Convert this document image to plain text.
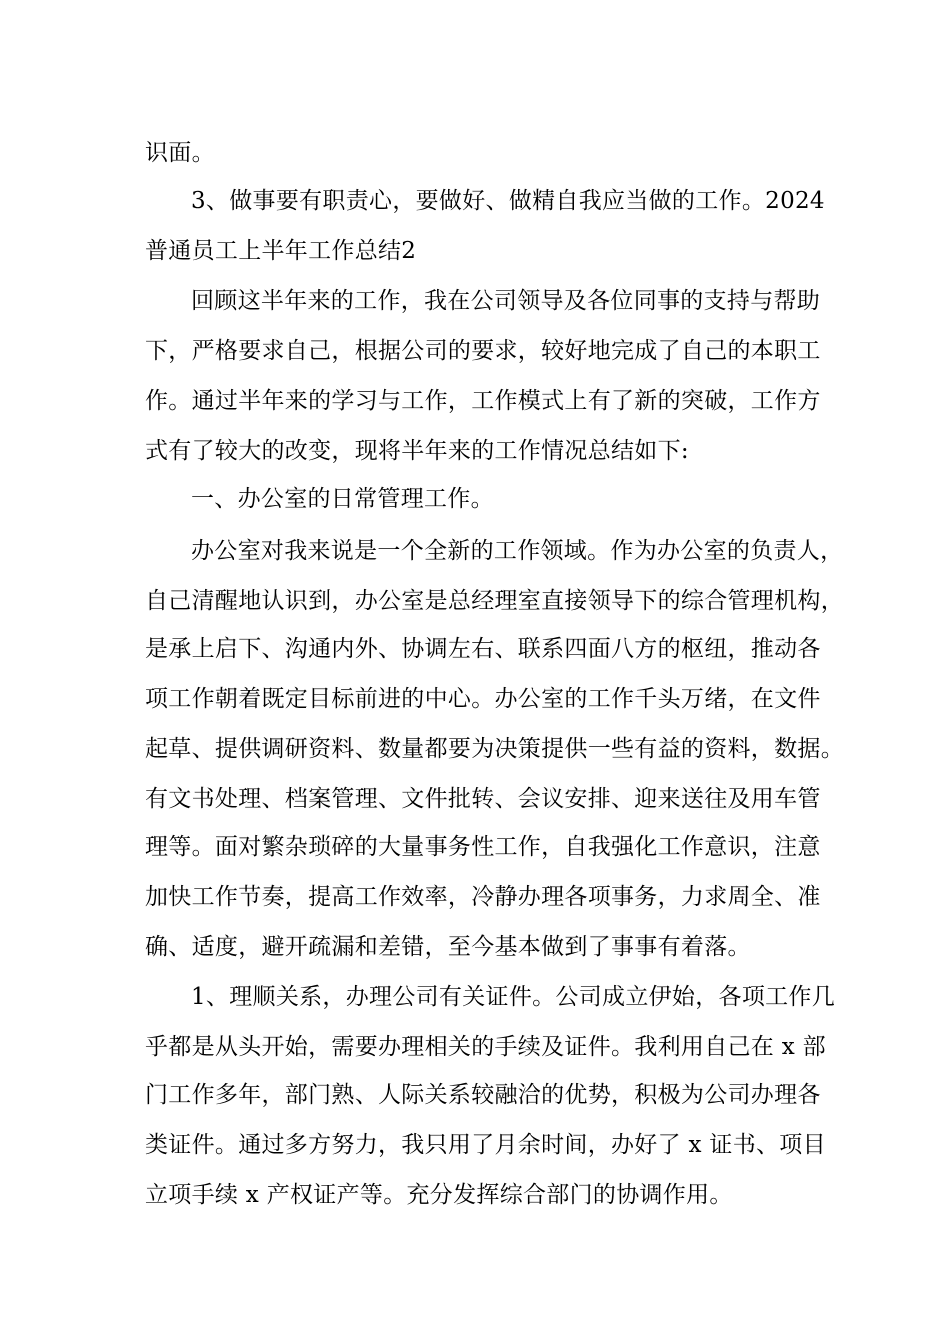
识面。
3、做事要有职责心，要做好、做精自我应当做的工作。2024
普通员工上半年工作总结2
回顾这半年来的工作，我在公司领导及各位同事的支持与帮助
下，严格要求自己，根据公司的要求，较好地完成了自己的本职工
作。通过半年来的学习与工作，工作模式上有了新的突破，工作方
式有了较大的改变，现将半年来的工作情况总结如下:
一、办公室的日常管理工作。
办公室对我来说是一个全新的工作领域。作为办公室的负责人，
自己清醒地认识到，办公室是总经理室直接领导下的综合管理机构，
是承上启下、沟通内外、协调左右、联系四面八方的枢纽，推动各
项工作朝着既定目标前进的中心。办公室的工作千头万绪，在文件
起草、提供调研资料、数量都要为决策提供一些有益的资料，数据。
有文书处理、档案管理、文件批转、会议安排、迎来送往及用车管
理等。面对繁杂琐碎的大量事务性工作，自我强化工作意识，注意
加快工作节奏，提高工作效率，冷静办理各项事务，力求周全、准
确、适度，避开疏漏和差错，至今基本做到了事事有着落。
1、理顺关系，办理公司有关证件。公司成立伊始，各项工作几
乎都是从头开始，需要办理相关的手续及证件。我利用自己在 x 部
门工作多年，部门熟、人际关系较融洽的优势，积极为公司办理各
类证件。通过多方努力，我只用了月余时间，办好了 x 证书、项目
立项手续 x 产权证产等。充分发挥综合部门的协调作用。
